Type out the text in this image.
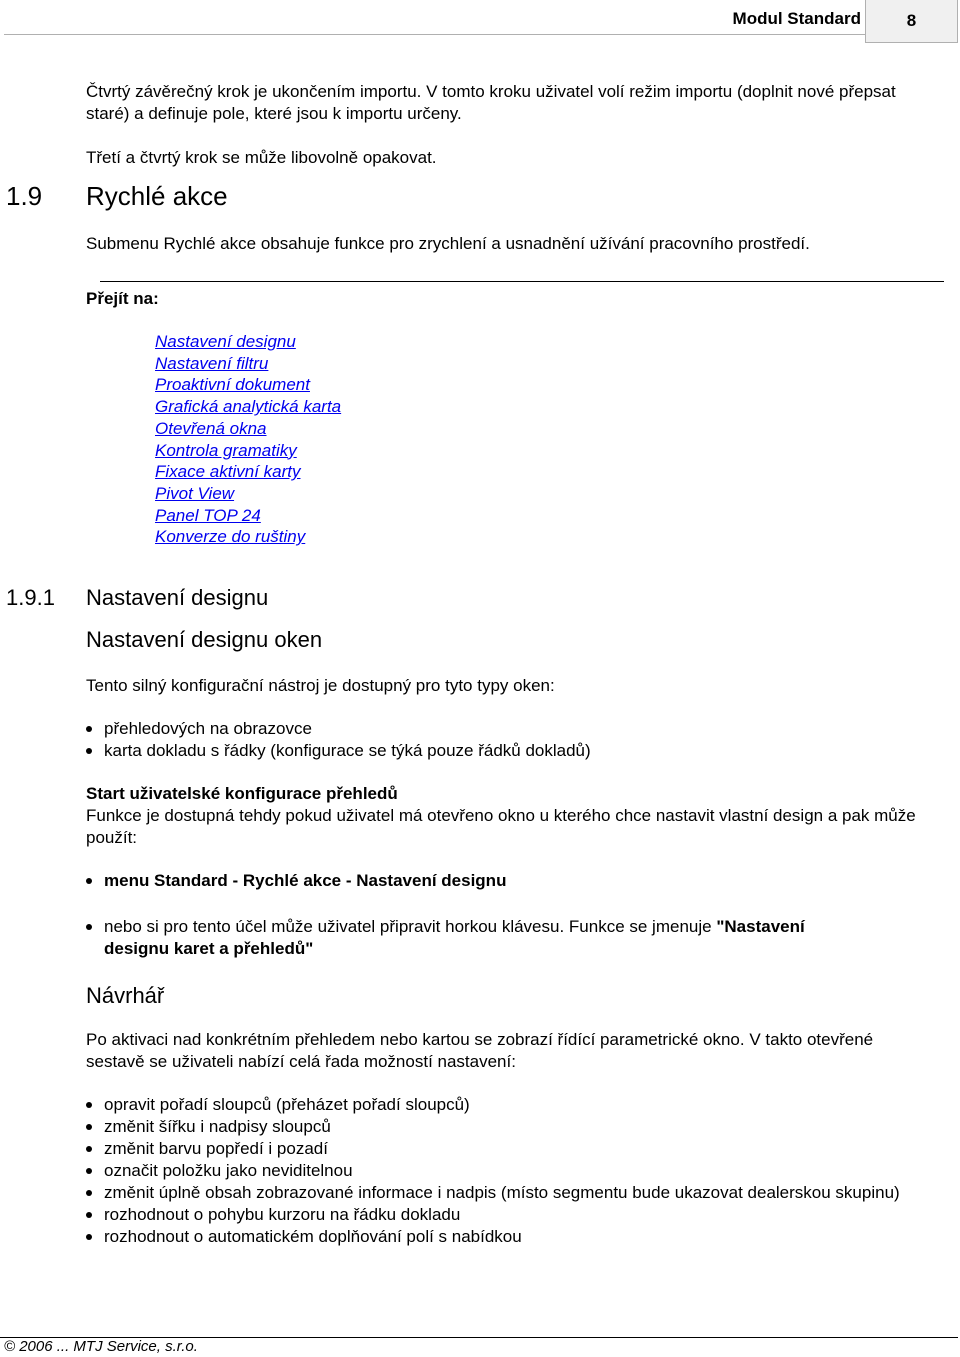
Modul Standard	8

Čtvrtý závěrečný krok je ukončením importu. V tomto kroku uživatel volí režim importu (doplnit nové přepsat staré) a definuje pole, které jsou k importu určeny.

Třetí a čtvrtý krok se může libovolně opakovat.

1.9 Rychlé akce

Submenu Rychlé akce obsahuje funkce pro zrychlení a usnadnění užívání pracovního prostředí.

Přejít na:
Nastavení designu
Nastavení filtru
Proaktivní dokument
Grafická analytická karta
Otevřená okna
Kontrola gramatiky
Fixace aktivní karty
Pivot View
Panel TOP 24
Konverze do ruštiny
1.9.1 Nastavení designu
Nastavení designu oken

Tento silný konfigurační nástroj je dostupný pro tyto typy oken:

přehledových na obrazovce
karta dokladu s řádky (konfigurace se týká pouze řádků dokladů)

Start uživatelské konfigurace přehledů

Funkce je dostupná tehdy pokud uživatel má otevřeno okno u kterého chce nastavit vlastní design a pak může použít:

menu Standard - Rychlé akce - Nastavení designu
nebo si pro tento účel může uživatel připravit horkou klávesu. Funkce se jmenuje "Nastavení
designu karet a přehledů"
Návrhář

Po aktivaci nad konkrétním přehledem nebo kartou se zobrazí řídící parametrické okno. V takto otevřené sestavě se uživateli nabízí celá řada možností nastavení:

opravit pořadí sloupců (přeházet pořadí sloupců)
změnit šířku i nadpisy sloupců
změnit barvu popředí i pozadí
označit položku jako neviditelnou
změnit úplně obsah zobrazované informace i nadpis (místo segmentu bude ukazovat dealerskou skupinu)
rozhodnout o pohybu kurzoru na řádku dokladu
rozhodnout o automatickém doplňování polí s nabídkou
© 2006 ... MTJ Service, s.r.o.
